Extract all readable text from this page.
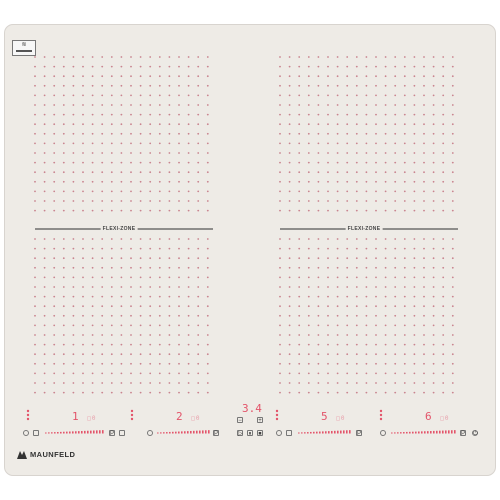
≋
FLEXI-ZONE	FLEXI-ZONE
1 □0	2 □0	5 □0	6 □0
3.4
−	+
▷ ⏸ ⏹
P	P	P	P ⏻
MAUNFELD
